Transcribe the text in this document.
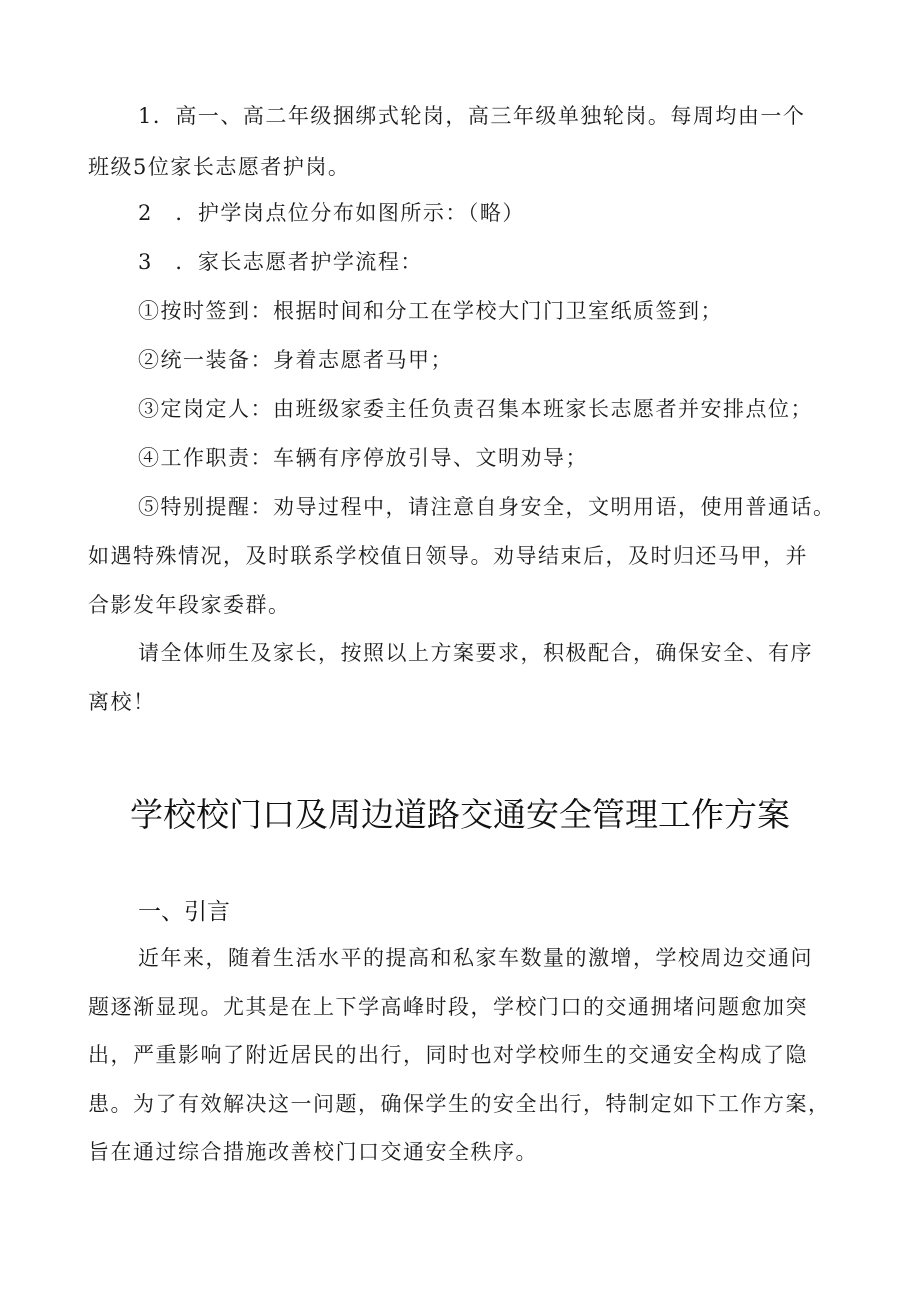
1．高一、高二年级捆绑式轮岗，高三年级单独轮岗。每周均由一个
班级5位家长志愿者护岗。
2　．护学岗点位分布如图所示：（略）
3　．家长志愿者护学流程：
①按时签到：根据时间和分工在学校大门门卫室纸质签到；
②统一装备：身着志愿者马甲；
③定岗定人：由班级家委主任负责召集本班家长志愿者并安排点位；
④工作职责：车辆有序停放引导、文明劝导；
⑤特别提醒：劝导过程中，请注意自身安全，文明用语，使用普通话。
如遇特殊情况，及时联系学校值日领导。劝导结束后，及时归还马甲，并
合影发年段家委群。
请全体师生及家长，按照以上方案要求，积极配合，确保安全、有序
离校！
学校校门口及周边道路交通安全管理工作方案
一、引言
近年来，随着生活水平的提高和私家车数量的激增，学校周边交通问
题逐渐显现。尤其是在上下学高峰时段，学校门口的交通拥堵问题愈加突
出，严重影响了附近居民的出行，同时也对学校师生的交通安全构成了隐
患。为了有效解决这一问题，确保学生的安全出行，特制定如下工作方案，
旨在通过综合措施改善校门口交通安全秩序。
